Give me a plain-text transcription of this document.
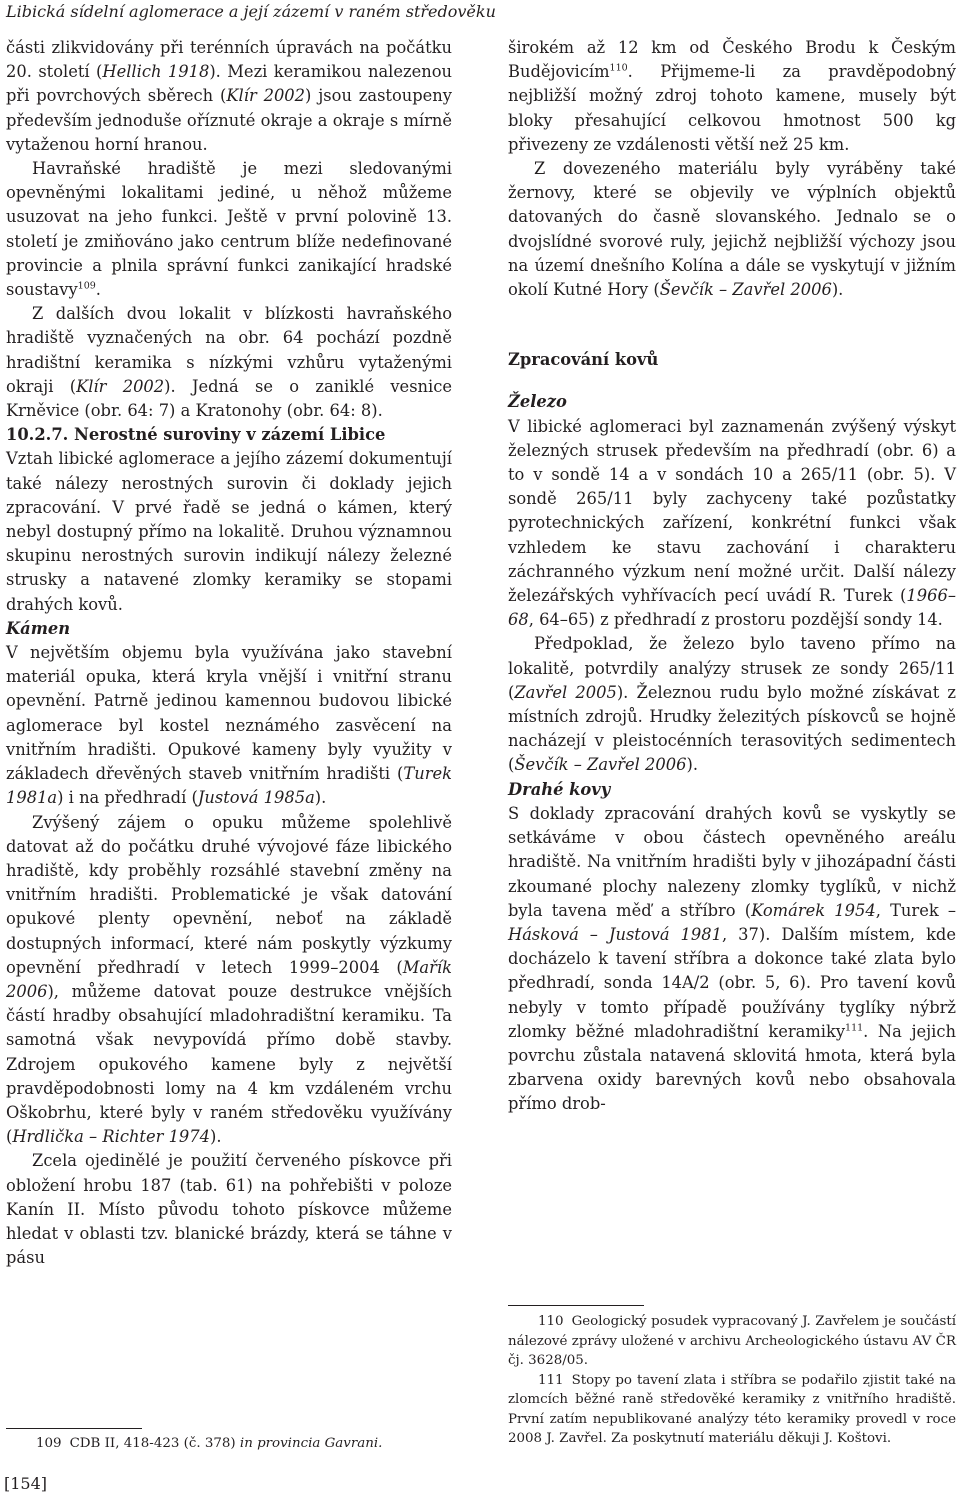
Libická sídelní aglomerace a její zázemí v raném středověku

části zlikvidovány při terénních úpravách na počátku 20. století (Hellich 1918). Mezi keramikou nalezenou při povrchových sběrech (Klír 2002) jsou zastoupeny především jednoduše oříznuté okraje a okraje s mírně vytaženou horní hranou.

Havraňské hradiště je mezi sledovanými opevněnými lokalitami jediné, u něhož můžeme usuzovat na jeho funkci. Ještě v první polovině 13. století je zmiňováno jako centrum blíže nedefinované provincie a plnila správní funkci zanikající hradské soustavy$^{109}$.

Z dalších dvou lokalit v blízkosti havraňského hradiště vyznačených na obr. 64 pochází pozdně hradištní keramika s nízkými vzhůru vytaženými okraji (Klír 2002). Jedná se o zaniklé vesnice Krněvice (obr. 64: 7) a Kratonohy (obr. 64: 8).

10.2.7. Nerostné suroviny v zázemí Libice

Vztah libické aglomerace a jejího zázemí dokumentují také nálezy nerostných surovin či doklady jejich zpracování. V prvé řadě se jedná o kámen, který nebyl dostupný přímo na lokalitě. Druhou významnou skupinu nerostných surovin indikují nálezy železné strusky a natavené zlomky keramiky se stopami drahých kovů.

Kámen

V největším objemu byla využívána jako stavební materiál opuka, která kryla vnější i vnitřní stranu opevnění. Patrně jedinou kamennou budovou libické aglomerace byl kostel neznámého zasvěcení na vnitřním hradišti. Opukové kameny byly využity v základech dřevěných staveb vnitřním hradišti (Turek 1981a) i na předhradí (Justová 1985a).

Zvýšený zájem o opuku můžeme spolehlivě datovat až do počátku druhé vývojové fáze libického hradiště, kdy proběhly rozsáhlé stavební změny na vnitřním hradišti. Problematické je však datování opukové plenty opevnění, neboť na základě dostupných informací, které nám poskytly výzkumy opevnění předhradí v letech 1999–2004 (Mařík 2006), můžeme datovat pouze destrukce vnějších částí hradby obsahující mladohradištní keramiku. Ta samotná však nevypovídá přímo době stavby. Zdrojem opukového kamene byly z největší pravděpodobnosti lomy na 4 km vzdáleném vrchu Oškobrhu, které byly v raném středověku využívány (Hrdlička – Richter 1974).

Zcela ojedinělé je použití červeného pískovce při obložení hrobu 187 (tab. 61) na pohřebišti v poloze Kanín II. Místo původu tohoto pískovce můžeme hledat v oblasti tzv. blanické brázdy, která se táhne v pásu

109 CDB II, 418-423 (č. 378) in provincia Gavrani.

širokém až 12 km od Českého Brodu k Českým Budějovicím$^{110}$. Přijmeme-li za pravděpodobný nejbližší možný zdroj tohoto kamene, musely být bloky přesahující celkovou hmotnost 500 kg přivezeny ze vzdálenosti větší než 25 km.

Z dovezeného materiálu byly vyráběny také žernovy, které se objevily ve výplních objektů datovaných do časně slovanského. Jednalo se o dvojslídné svorové ruly, jejichž nejbližší výchozy jsou na území dnešního Kolína a dále se vyskytují v jižním okolí Kutné Hory (Ševčík – Zavřel 2006).

Zpracování kovů

Železo

V libické aglomeraci byl zaznamenán zvýšený výskyt železných strusek především na předhradí (obr. 6) a to v sondě 14 a v sondách 10 a 265/11 (obr. 5). V sondě 265/11 byly zachyceny také pozůstatky pyrotechnických zařízení, konkrétní funkci však vzhledem ke stavu zachování i charakteru záchranného výzkum není možné určit. Další nálezy železářských vyhřívacích pecí uvádí R. Turek (1966–68, 64–65) z předhradí z prostoru pozdější sondy 14.

Předpoklad, že železo bylo taveno přímo na lokalitě, potvrdily analýzy strusek ze sondy 265/11 (Zavřel 2005). Železnou rudu bylo možné získávat z místních zdrojů. Hrudky železitých pískovců se hojně nacházejí v pleistocénních terasovitých sedimentech (Ševčík – Zavřel 2006).

Drahé kovy

S doklady zpracování drahých kovů se vyskytly se setkáváme v obou částech opevněného areálu hradiště. Na vnitřním hradišti byly v jihozápadní části zkoumané plochy nalezeny zlomky tyglíků, v nichž byla tavena měď a stříbro (Komárek 1954, Turek – Hásková – Justová 1981, 37). Dalším místem, kde docházelo k tavení stříbra a dokonce také zlata bylo předhradí, sonda 14A/2 (obr. 5, 6). Pro tavení kovů nebyly v tomto případě používány tyglíky nýbrž zlomky běžné mladohradištní keramiky$^{111}$. Na jejich povrchu zůstala natavená sklovitá hmota, která byla zbarvena oxidy barevných kovů nebo obsahovala přímo drob-

110 Geologický posudek vypracovaný J. Zavřelem je součástí nálezové zprávy uložené v archivu Archeologického ústavu AV ČR čj. 3628/05.

111 Stopy po tavení zlata i stříbra se podařilo zjistit také na zlomcích běžné raně středověké keramiky z vnitřního hradiště. První zatím nepublikované analýzy této keramiky provedl v roce 2008 J. Zavřel. Za poskytnutí materiálu děkuji J. Koštovi.

[154]
